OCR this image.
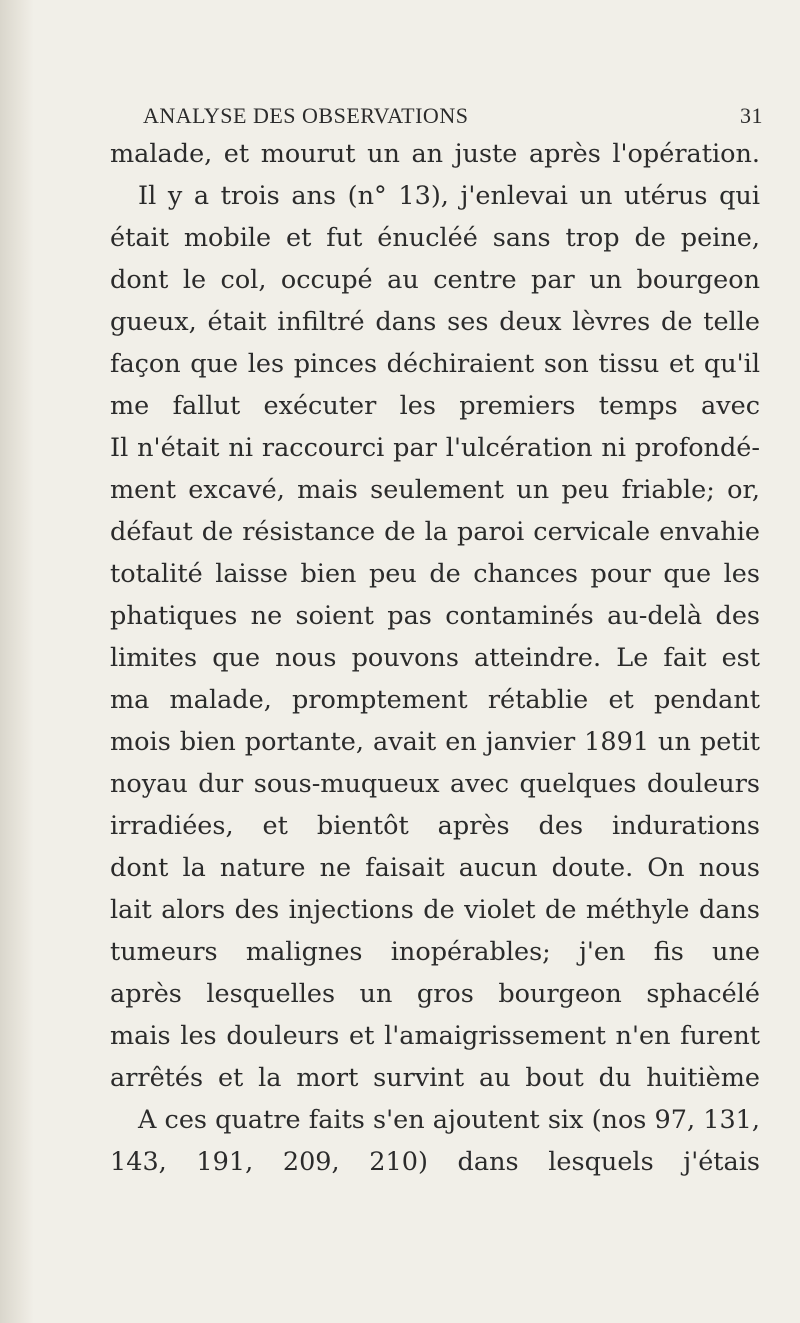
ANALYSE DES OBSERVATIONS	31
malade, et mourut un an juste après l'opération.
Il y a trois ans (n° 13), j'enlevai un utérus qui
était mobile et fut énucléé sans trop de peine,
dont le col, occupé au centre par un bourgeon
gueux, était infiltré dans ses deux lèvres de telle
façon que les pinces déchiraient son tissu et qu'il
me fallut exécuter les premiers temps avec
Il n'était ni raccourci par l'ulcération ni profondé-
ment excavé, mais seulement un peu friable; or,
défaut de résistance de la paroi cervicale envahie
totalité laisse bien peu de chances pour que les
phatiques ne soient pas contaminés au-delà des
limites que nous pouvons atteindre. Le fait est
ma malade, promptement rétablie et pendant
mois bien portante, avait en janvier 1891 un petit
noyau dur sous-muqueux avec quelques douleurs
irradiées, et bientôt après des indurations
dont la nature ne faisait aucun doute. On nous
lait alors des injections de violet de méthyle dans
tumeurs malignes inopérables; j'en fis une
après lesquelles un gros bourgeon sphacélé
mais les douleurs et l'amaigrissement n'en furent
arrêtés et la mort survint au bout du huitième
A ces quatre faits s'en ajoutent six (nos 97, 131,
143, 191, 209, 210) dans lesquels j'étais
